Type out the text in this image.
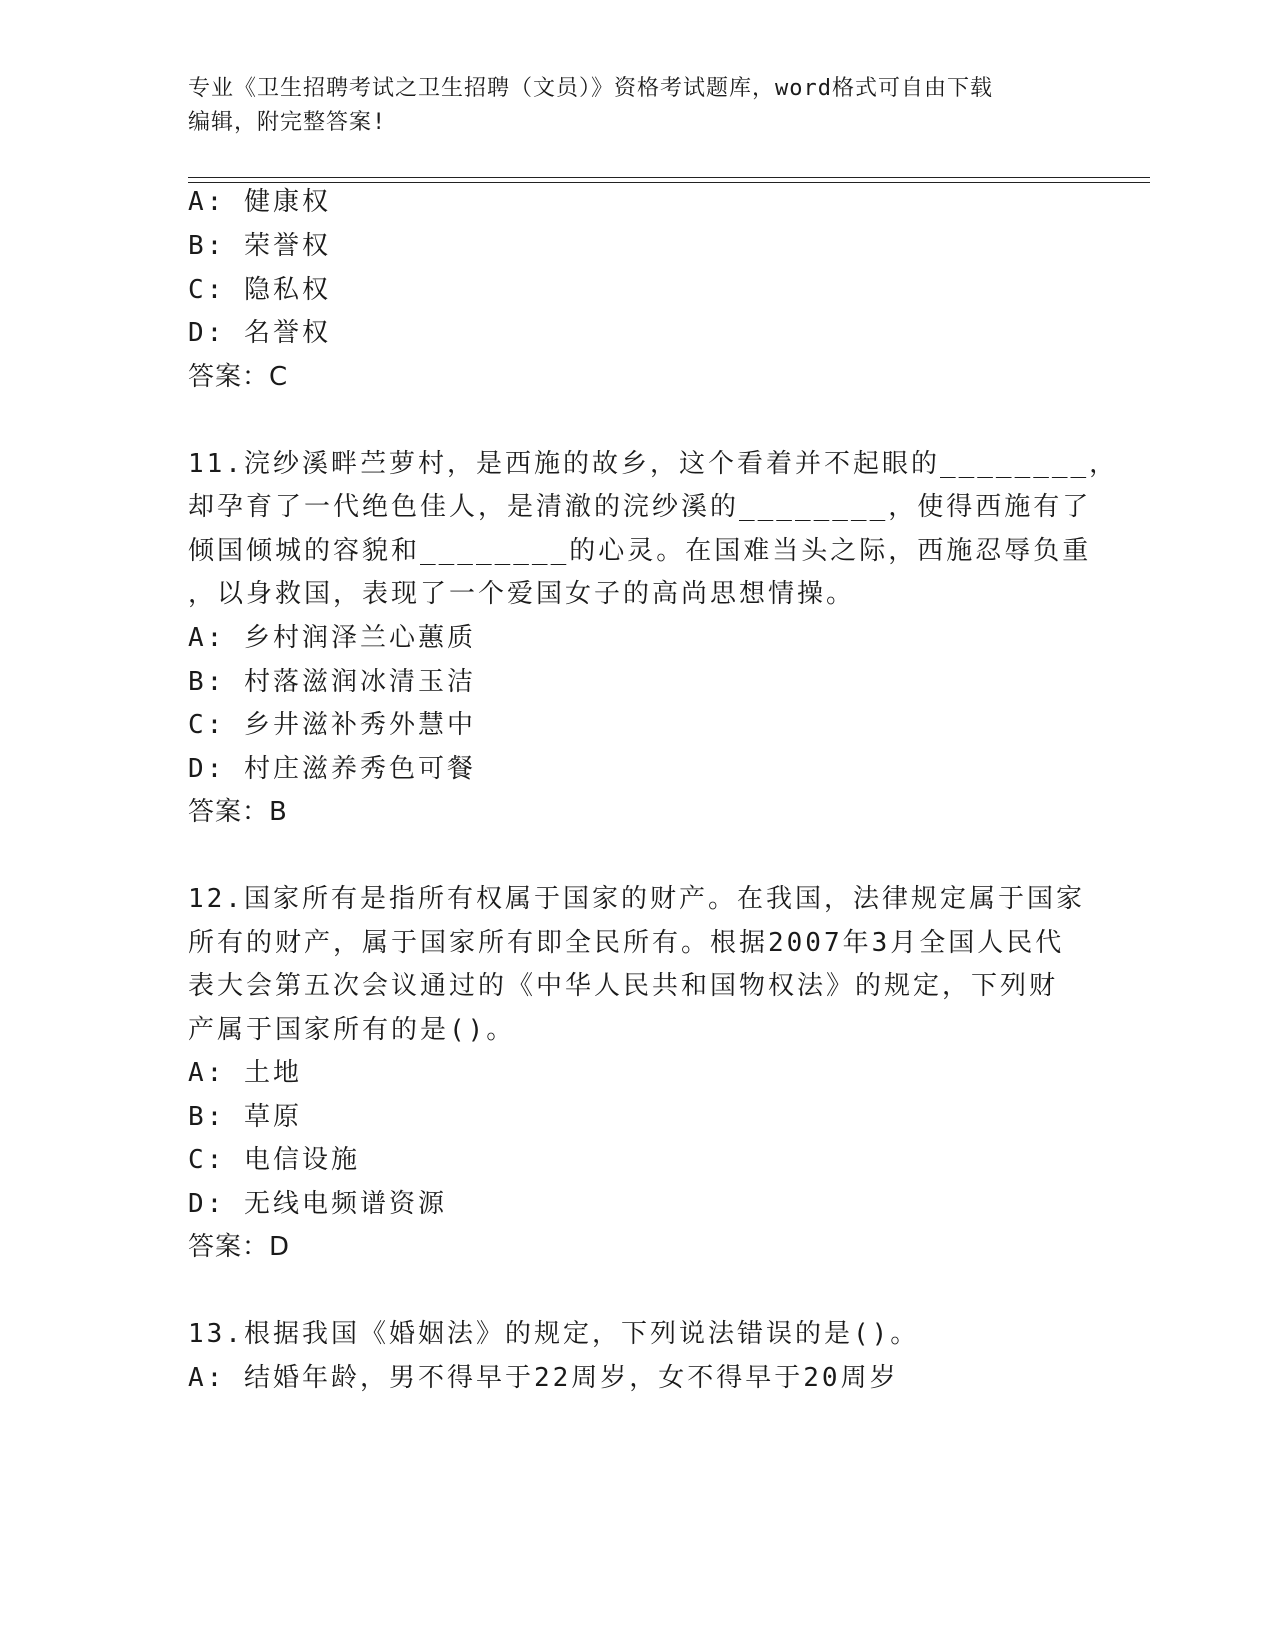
专业《卫生招聘考试之卫生招聘（文员）》资格考试题库，word格式可自由下载
编辑，附完整答案!
A: 健康权
B: 荣誉权
C: 隐私权
D: 名誉权
答案：C
11.浣纱溪畔苎萝村，是西施的故乡，这个看着并不起眼的________，
却孕育了一代绝色佳人，是清澈的浣纱溪的________，使得西施有了
倾国倾城的容貌和________的心灵。在国难当头之际，西施忍辱负重
，以身救国，表现了一个爱国女子的高尚思想情操。
A: 乡村润泽兰心蕙质
B: 村落滋润冰清玉洁
C: 乡井滋补秀外慧中
D: 村庄滋养秀色可餐
答案：B
12.国家所有是指所有权属于国家的财产。在我国，法律规定属于国家
所有的财产，属于国家所有即全民所有。根据2007年3月全国人民代
表大会第五次会议通过的《中华人民共和国物权法》的规定，下列财
产属于国家所有的是()。
A: 土地
B: 草原
C: 电信设施
D: 无线电频谱资源
答案：D
13.根据我国《婚姻法》的规定，下列说法错误的是()。
A: 结婚年龄，男不得早于22周岁，女不得早于20周岁
